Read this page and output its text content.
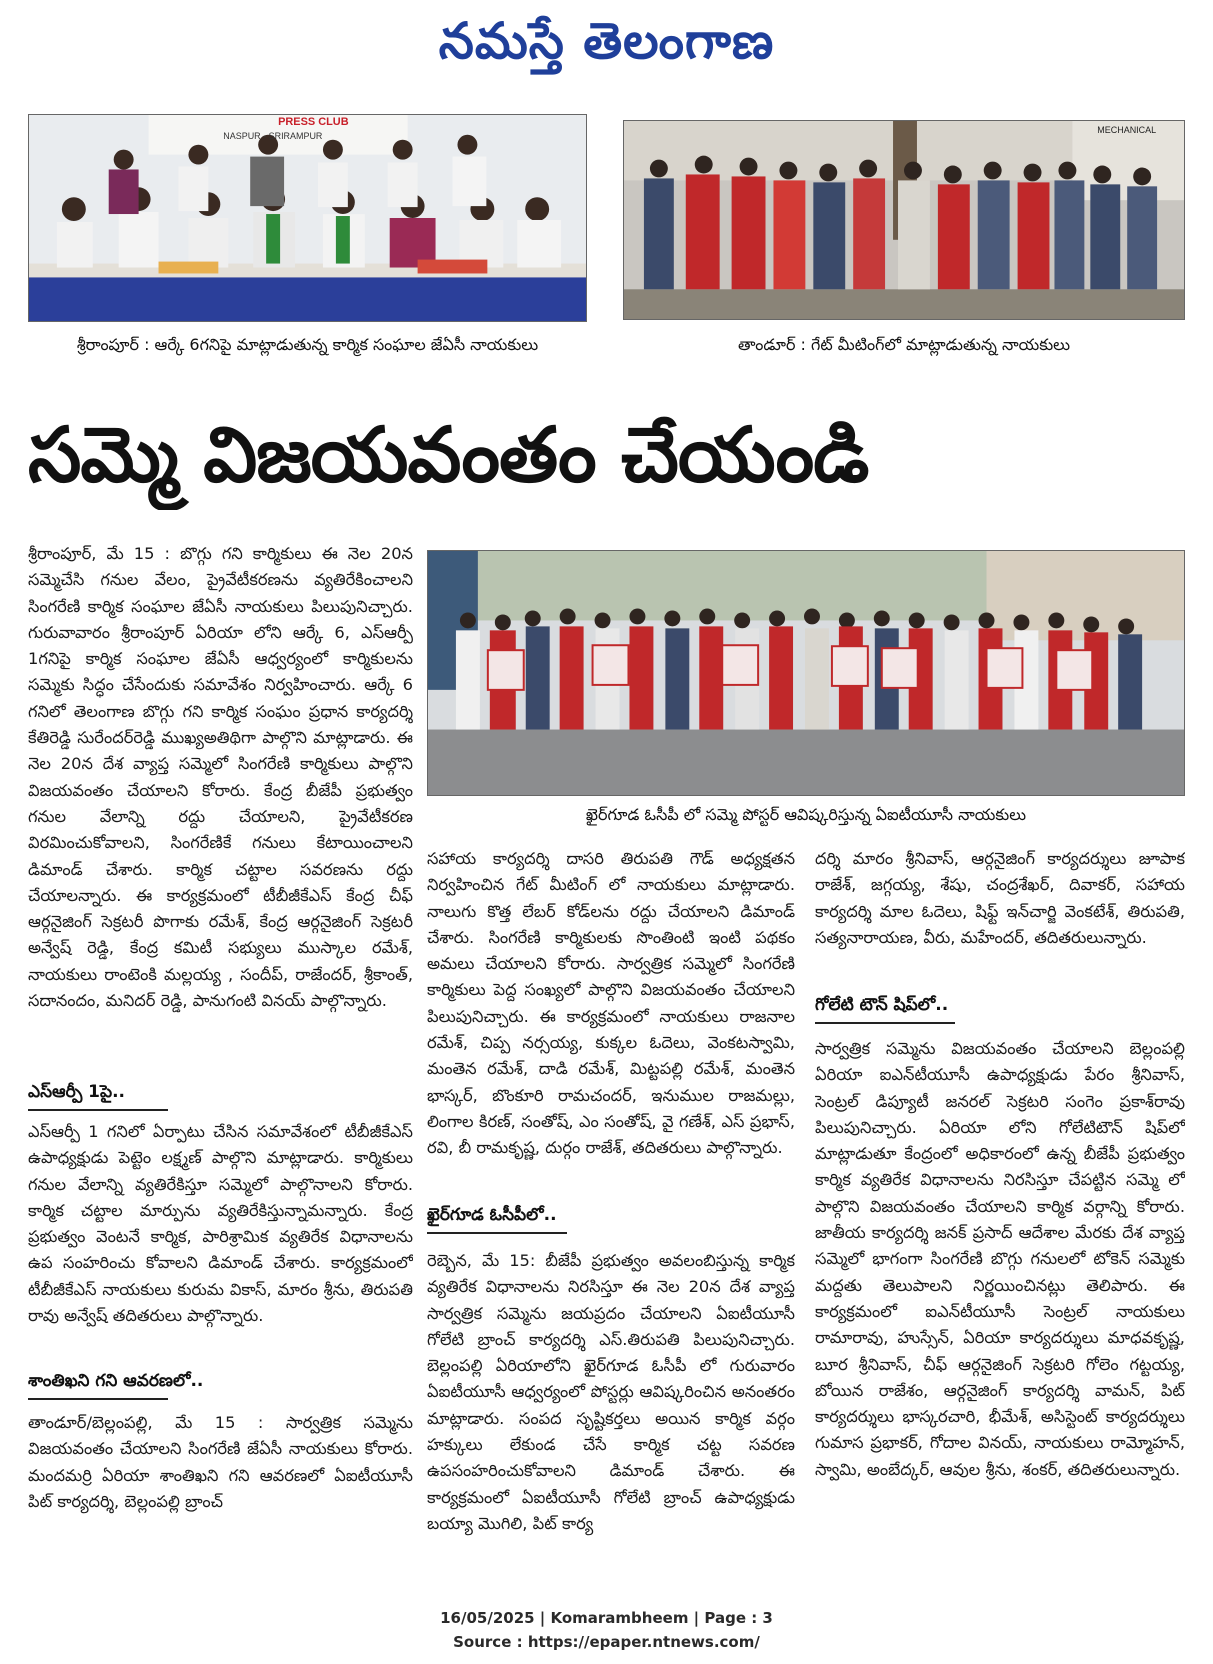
నమస్తే తెలంగాణ
PRESS CLUB
NASPUR - SRIRAMPUR
శ్రీరాంపూర్ : ఆర్కే 6గనిపై మాట్లాడుతున్న కార్మిక సంఘాల జేఏసీ నాయకులు
MECHANICAL
తాండూర్ : గేట్ మీటింగ్‌లో మాట్లాడుతున్న నాయకులు
సమ్మె విజయవంతం చేయండి
ఖైర్‌గూడ ఓసీపీ లో సమ్మె పోస్టర్ ఆవిష్కరిస్తున్న ఏఐటీయూసీ నాయకులు
శ్రీరాంపూర్, మే 15 : బొగ్గు గని కార్మికులు ఈ నెల 20న సమ్మెచేసి గనుల వేలం, ప్రైవేటీకరణను వ్యతిరేకించాలని సింగరేణి కార్మిక సంఘాల జేఏసీ నాయకులు పిలుపునిచ్చారు. గురువావారం శ్రీరాంపూర్ ఏరియా లోని ఆర్కే 6, ఎస్ఆర్పీ 1గనిపై కార్మిక సంఘాల జేఏసీ ఆధ్వర్యంలో కార్మికులను సమ్మెకు సిద్ధం చేసేందుకు సమావేశం నిర్వహించారు. ఆర్కే 6 గనిలో తెలంగాణ బొగ్గు గని కార్మిక సంఘం ప్రధాన కార్యదర్శి కేతిరెడ్డి సురేందర్‌రెడ్డి ముఖ్యఅతిథిగా పాల్గొని మాట్లాడారు. ఈ నెల 20న దేశ వ్యాప్త సమ్మెలో సింగరేణి కార్మికులు పాల్గొని విజయవంతం చేయాలని కోరారు. కేంద్ర బీజేపీ ప్రభుత్వం గనుల వేలాన్ని రద్దు చేయాలని, ప్రైవేటీకరణ విరమించుకోవాలని, సింగరేణికే గనులు కేటాయించాలని డిమాండ్ చేశారు. కార్మిక చట్టాల సవరణను రద్దు చేయాలన్నారు. ఈ కార్యక్రమంలో టీబీజీకేఎస్ కేంద్ర చీఫ్ ఆర్గనైజింగ్ సెక్రటరీ పొగాకు రమేశ్, కేంద్ర ఆర్గనైజింగ్ సెక్రటరీ అన్వేష్ రెడ్డి, కేంద్ర కమిటీ సభ్యులు ముస్కాల రమేశ్, నాయకులు రాంటెంకి మల్లయ్య , సందీప్, రాజేందర్, శ్రీకాంత్, సదానందం, మనిదర్ రెడ్డి, పానుగంటి వినయ్ పాల్గొన్నారు.
ఎస్ఆర్పీ 1పై..
ఎస్ఆర్పీ 1 గనిలో ఏర్పాటు చేసిన సమావేశంలో టీబీజీకేఎస్ ఉపాధ్యక్షుడు పెట్టెం లక్ష్మణ్ పాల్గొని మాట్లాడారు. కార్మికులు గనుల వేలాన్ని వ్యతిరేకిస్తూ సమ్మెలో పాల్గొనాలని కోరారు. కార్మిక చట్టాల మార్పును వ్యతిరేకిస్తున్నామన్నారు. కేంద్ర ప్రభుత్వం వెంటనే కార్మిక, పారిశ్రామిక వ్యతిరేక విధానాలను ఉప సంహరించు కోవాలని డిమాండ్ చేశారు. కార్యక్రమంలో టీబీజీకేఎస్ నాయకులు కురుమ వికాస్, మారం శ్రీను, తిరుపతి రావు అన్వేష్ తదితరులు పాల్గొన్నారు.
శాంతిఖని గని ఆవరణలో..
తాండూర్/బెల్లంపల్లి, మే 15 : సార్వత్రిక సమ్మెను విజయవంతం చేయాలని సింగరేణి జేఏసీ నాయకులు కోరారు. మందమర్రి ఏరియా శాంతిఖని గని ఆవరణలో ఏఐటీయూసీ పిట్ కార్యదర్శి, బెల్లంపల్లి బ్రాంచ్
సహాయ కార్యదర్శి దాసరి తిరుపతి గౌడ్ అధ్యక్షతన నిర్వహించిన గేట్ మీటింగ్ లో నాయకులు మాట్లాడారు. నాలుగు కొత్త లేబర్ కోడ్‌లను రద్దు చేయాలని డిమాండ్ చేశారు. సింగరేణి కార్మికులకు సొంతింటి ఇంటి పథకం అమలు చేయాలని కోరారు. సార్వత్రిక సమ్మెలో సింగరేణి కార్మికులు పెద్ద సంఖ్యలో పాల్గొని విజయవంతం చేయాలని పిలుపునిచ్చారు. ఈ కార్యక్రమంలో నాయకులు రాజనాల రమేశ్, చిప్ప నర్సయ్య, కుక్కల ఓదెలు, వెంకటస్వామి, మంతెన రమేశ్, దాడి రమేశ్, మిట్టపల్లి రమేశ్, మంతెన భాస్కర్, బొంకూరి రామచందర్, ఇనుముల రాజమల్లు, లింగాల కిరణ్, సంతోష్, ఎం సంతోష్, వై గణేశ్, ఎస్ ప్రభాస్, రవి, బీ రామకృష్ణ, దుర్గం రాజేశ్, తదితరులు పాల్గొన్నారు.
ఖైర్‌గూడ ఓసీపీలో..
రెబ్బెన, మే 15: బీజేపీ ప్రభుత్వం అవలంబిస్తున్న కార్మిక వ్యతిరేక విధానాలను నిరసిస్తూ ఈ నెల 20న దేశ వ్యాప్త సార్వత్రిక సమ్మెను జయప్రదం చేయాలని ఏఐటీయూసీ గోలేటి బ్రాంచ్ కార్యదర్శి ఎస్.తిరుపతి పిలుపునిచ్చారు. బెల్లంపల్లి ఏరియాలోని ఖైర్‌గూడ ఓసీపీ లో గురువారం ఏఐటీయూసీ ఆధ్వర్యంలో పోస్టర్లు ఆవిష్కరించిన అనంతరం మాట్లాడారు. సంపద సృష్టికర్తలు అయిన కార్మిక వర్గం హక్కులు లేకుండ చేసే కార్మిక చట్ట సవరణ ఉపసంహరించుకోవాలని డిమాండ్ చేశారు. ఈ కార్యక్రమంలో ఏఐటీయూసీ గోలేటి బ్రాంచ్ ఉపాధ్యక్షుడు బయ్యా మొగిలి, పిట్ కార్య
దర్శి మారం శ్రీనివాస్, ఆర్గనైజింగ్ కార్యదర్శులు జూపాక రాజేశ్, జగ్గయ్య, శేషు, చంద్రశేఖర్, దివాకర్, సహాయ కార్యదర్శి మాల ఓదెలు, షిఫ్ట్ ఇన్‌చార్జి వెంకటేశ్, తిరుపతి, సత్యనారాయణ, వీరు, మహేందర్, తదితరులున్నారు.
గోలేటి టౌన్ షిప్‌లో..
సార్వత్రిక సమ్మెను విజయవంతం చేయాలని బెల్లంపల్లి ఏరియా ఐఎన్‌టీయూసీ ఉపాధ్యక్షుడు పేరం శ్రీనివాస్, సెంట్రల్ డిప్యూటీ జనరల్ సెక్రటరి సంగెం ప్రకాశ్‌రావు పిలుపునిచ్చారు. ఏరియా లోని గోలేటిటౌన్ షిప్‌లో మాట్లాడుతూ కేంద్రంలో అధికారంలో ఉన్న బీజేపీ ప్రభుత్వం కార్మిక వ్యతిరేక విధానాలను నిరసిస్తూ చేపట్టిన సమ్మె లో పాల్గొని విజయవంతం చేయాలని కార్మిక వర్గాన్ని కోరారు. జాతీయ కార్యదర్శి జనక్ ప్రసాద్ ఆదేశాల మేరకు దేశ వ్యాప్త సమ్మెలో భాగంగా సింగరేణి బొగ్గు గనులలో టోకెన్ సమ్మెకు మద్దతు తెలుపాలని నిర్ణయించినట్లు తెలిపారు. ఈ కార్యక్రమంలో ఐఎన్‌టీయూసీ సెంట్రల్ నాయకులు రామారావు, హుస్సేన్, ఏరియా కార్యదర్శులు మాధవకృష్ణ, బూర శ్రీనివాస్, చీఫ్ ఆర్గనైజింగ్ సెక్రటరి గోలెం గట్టయ్య, బోయిన రాజేశం, ఆర్గనైజింగ్ కార్యదర్శి వామన్, పిట్ కార్యదర్శులు భాస్కరచారి, భీమేశ్, అసిస్టెంట్ కార్యదర్శులు గుమాస ప్రభాకర్, గోదాల వినయ్, నాయకులు రామ్మోహన్, స్వామి, అంబేద్కర్, ఆవుల శ్రీను, శంకర్, తదితరులున్నారు.
16/05/2025 | Komarambheem | Page : 3
Source : https://epaper.ntnews.com/
